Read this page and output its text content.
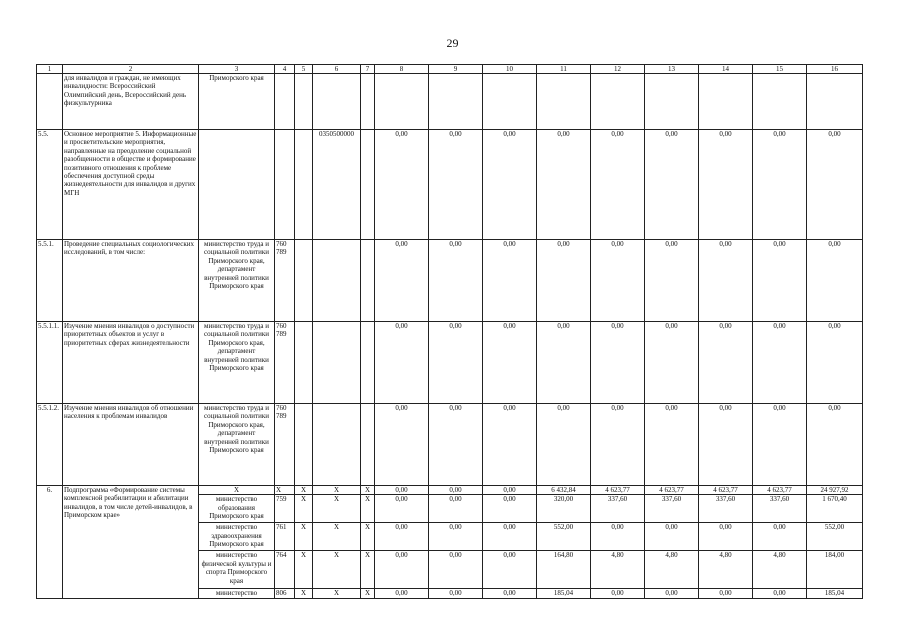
29
1	2	3	4	5	6	7	8	9	10	11	12	13	14	15	16
	для инвалидов и граждан, не имеющих инвалидности: Всероссийский Олимпийский день, Всероссийский день физкультурника	Приморского края													
5.5.	Основное мероприятие 5. Информационные и просветительские мероприятия, направленные на преодоление социальной разобщенности в обществе и формирование позитивного отношения к проблеме обеспечения доступной среды жизнедеятельности для инвалидов и других МГН				0350500000		0,00	0,00	0,00	0,00	0,00	0,00	0,00	0,00	0,00
5.5.1.	Проведение специальных социологических исследований, в том числе:	министерство труда и социальной политики Приморского края, департамент внутренней политики Приморского края	760 789				0,00	0,00	0,00	0,00	0,00	0,00	0,00	0,00	0,00
5.5.1.1.	Изучение мнения инвалидов о доступности приоритетных объектов и услуг в приоритетных сферах жизнедеятельности	министерство труда и социальной политики Приморского края, департамент внутренней политики Приморского края	760 789				0,00	0,00	0,00	0,00	0,00	0,00	0,00	0,00	0,00
5.5.1.2.	Изучение мнения инвалидов об отношении населения к проблемам инвалидов	министерство труда и социальной политики Приморского края, департамент внутренней политики Приморского края	760 789				0,00	0,00	0,00	0,00	0,00	0,00	0,00	0,00	0,00
6.	Подпрограмма «Формирование системы комплексной реабилитации и абилитации инвалидов, в том числе детей-инвалидов, в Приморском крае»	Х	Х	Х	Х	Х	0,00	0,00	0,00	6 432,84	4 623,77	4 623,77	4 623,77	4 623,77	24 927,92
		министерство образования Приморского края	759	Х	Х	Х	0,00	0,00	0,00	320,00	337,60	337,60	337,60	337,60	1 670,40
		министерство здравоохранения Приморского края	761	Х	Х	Х	0,00	0,00	0,00	552,00	0,00	0,00	0,00	0,00	552,00
		министерство физической культуры и спорта Приморского края	764	Х	Х	Х	0,00	0,00	0,00	164,80	4,80	4,80	4,80	4,80	184,00
		министерство	806	Х	Х	Х	0,00	0,00	0,00	185,04	0,00	0,00	0,00	0,00	185,04
